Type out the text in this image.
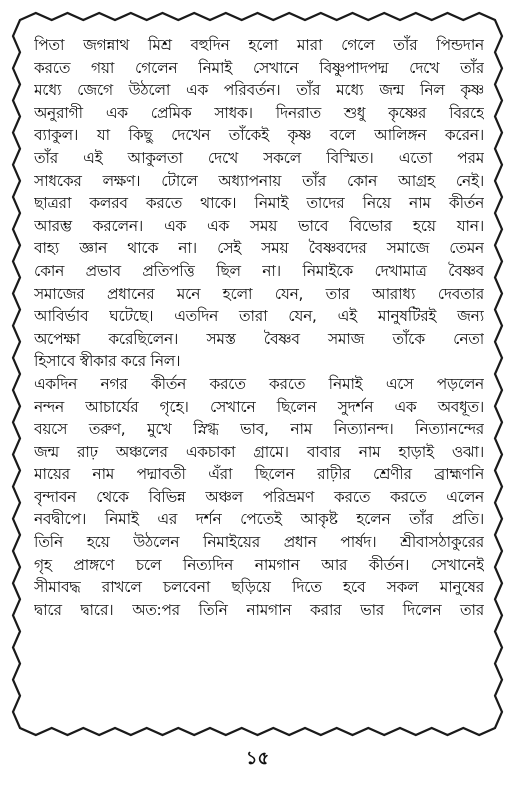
পিতা জগন্নাথ মিশ্র বহুদিন হলো মারা গেলে তাঁর পিন্ডদান
করতে গয়া গেলেন নিমাই সেখানে বিষ্ণুপাদপদ্ম দেখে তাঁর
মধ্যে জেগে উঠলো এক পরিবর্তন। তাঁর মধ্যে জন্ম নিল কৃষ্ণ
অনুরাগী এক প্রেমিক সাধক। দিনরাত শুধু কৃষ্ণের বিরহে
ব্যাকুল। যা কিছু দেখেন তাঁকেই কৃষ্ণ বলে আলিঙ্গন করেন।
তাঁর এই আকুলতা দেখে সকলে বিস্মিত। এতো পরম
সাধকের লক্ষণ। টোলে অধ্যাপনায় তাঁর কোন আগ্রহ নেই।
ছাত্ররা কলরব করতে থাকে। নিমাই তাদের নিয়ে নাম কীর্তন
আরম্ভ করলেন। এক এক সময় ভাবে বিভোর হয়ে যান।
বাহ্য জ্ঞান থাকে না। সেই সময় বৈষ্ণবদের সমাজে তেমন
কোন প্রভাব প্রতিপত্তি ছিল না। নিমাইকে দেখামাত্র বৈষ্ণব
সমাজের প্রধানের মনে হলো যেন, তার আরাধ্য দেবতার
আবির্ভাব ঘটেছে। এতদিন তারা যেন, এই মানুষটিরই জন্য
অপেক্ষা করেছিলেন। সমস্ত বৈষ্ণব সমাজ তাঁকে নেতা
হিসাবে স্বীকার করে নিল।
একদিন নগর কীর্তন করতে করতে নিমাই এসে পড়লেন
নন্দন আচার্যের গৃহে। সেখানে ছিলেন সুদর্শন এক অবধূত।
বয়সে তরুণ, মুখে স্নিগ্ধ ভাব, নাম নিত্যানন্দ। নিত্যানন্দের
জন্ম রাঢ় অঞ্চলের একচাকা গ্রামে। বাবার নাম হাড়াই ওঝা।
মায়ের নাম পদ্মাবতী এঁরা ছিলেন রাঢ়ীর শ্রেণীর ব্রাহ্মণনি
বৃন্দাবন থেকে বিভিন্ন অঞ্চল পরিভ্রমণ করতে করতে এলেন
নবদ্বীপে। নিমাই এর দর্শন পেতেই আকৃষ্ট হলেন তাঁর প্রতি।
তিনি হয়ে উঠলেন নিমাইয়ের প্রধান পার্ষদ। শ্রীবাসঠাকুরের
গৃহ প্রাঙ্গণে চলে নিত্যদিন নামগান আর কীর্তন। সেখানেই
সীমাবদ্ধ রাখলে চলবেনা ছড়িয়ে দিতে হবে সকল মানুষের
দ্বারে দ্বারে। অত:পর তিনি নামগান করার ভার দিলেন তার
১৫
